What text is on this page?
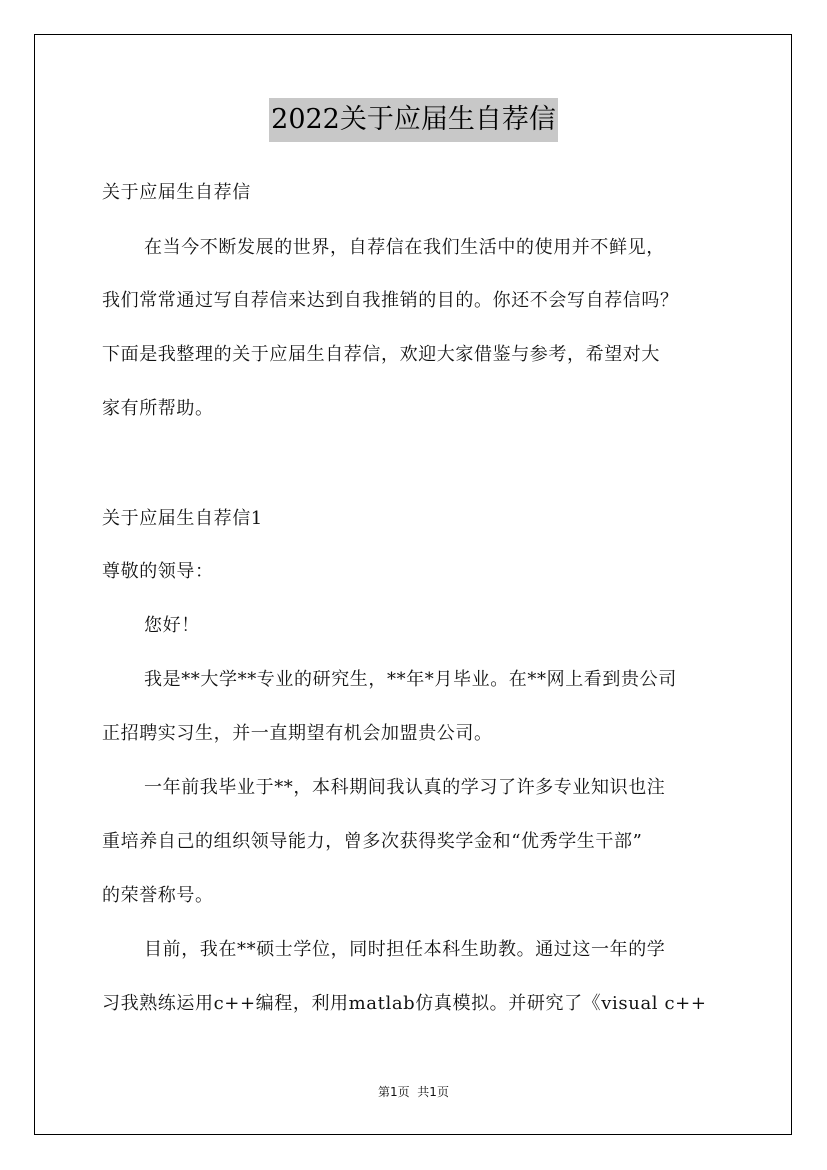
2022关于应届生自荐信
关于应届生自荐信
在当今不断发展的世界，自荐信在我们生活中的使用并不鲜见，
我们常常通过写自荐信来达到自我推销的目的。你还不会写自荐信吗？
下面是我整理的关于应届生自荐信，欢迎大家借鉴与参考，希望对大
家有所帮助。
关于应届生自荐信1
尊敬的领导：
您好！
我是**大学**专业的研究生，**年*月毕业。在**网上看到贵公司
正招聘实习生，并一直期望有机会加盟贵公司。
一年前我毕业于**，本科期间我认真的学习了许多专业知识也注
重培养自己的组织领导能力，曾多次获得奖学金和“优秀学生干部”
的荣誉称号。
目前，我在**硕士学位，同时担任本科生助教。通过这一年的学
习我熟练运用c++编程，利用matlab仿真模拟。并研究了《visual c++
第1页  共1页
